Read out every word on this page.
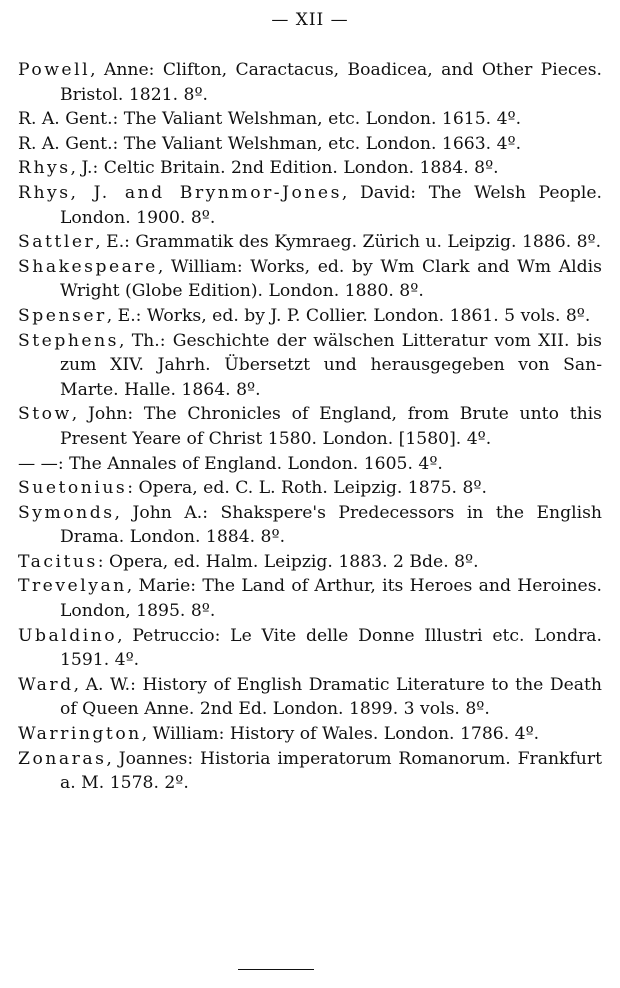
— XII —
Powell, Anne: Clifton, Caractacus, Boadicea, and Other Pieces. Bristol. 1821. 8º.
R. A. Gent.: The Valiant Welshman, etc. London. 1615. 4º.
R. A. Gent.: The Valiant Welshman, etc. London. 1663. 4º.
Rhys, J.: Celtic Britain. 2nd Edition. London. 1884. 8º.
Rhys, J. and Brynmor-Jones, David: The Welsh People. London. 1900. 8º.
Sattler, E.: Grammatik des Kymraeg. Zürich u. Leipzig. 1886. 8º.
Shakespeare, William: Works, ed. by Wm Clark and Wm Aldis Wright (Globe Edition). London. 1880. 8º.
Spenser, E.: Works, ed. by J. P. Collier. London. 1861. 5 vols. 8º.
Stephens, Th.: Geschichte der wälschen Litteratur vom XII. bis zum XIV. Jahrh. Übersetzt und herausgegeben von San-Marte. Halle. 1864. 8º.
Stow, John: The Chronicles of England, from Brute unto this Present Yeare of Christ 1580. London. [1580]. 4º.
— —: The Annales of England. London. 1605. 4º.
Suetonius: Opera, ed. C. L. Roth. Leipzig. 1875. 8º.
Symonds, John A.: Shakspere's Predecessors in the English Drama. London. 1884. 8º.
Tacitus: Opera, ed. Halm. Leipzig. 1883. 2 Bde. 8º.
Trevelyan, Marie: The Land of Arthur, its Heroes and Heroines. London, 1895. 8º.
Ubaldino, Petruccio: Le Vite delle Donne Illustri etc. Londra. 1591. 4º.
Ward, A. W.: History of English Dramatic Literature to the Death of Queen Anne. 2nd Ed. London. 1899. 3 vols. 8º.
Warrington, William: History of Wales. London. 1786. 4º.
Zonaras, Joannes: Historia imperatorum Romanorum. Frankfurt a. M. 1578. 2º.
